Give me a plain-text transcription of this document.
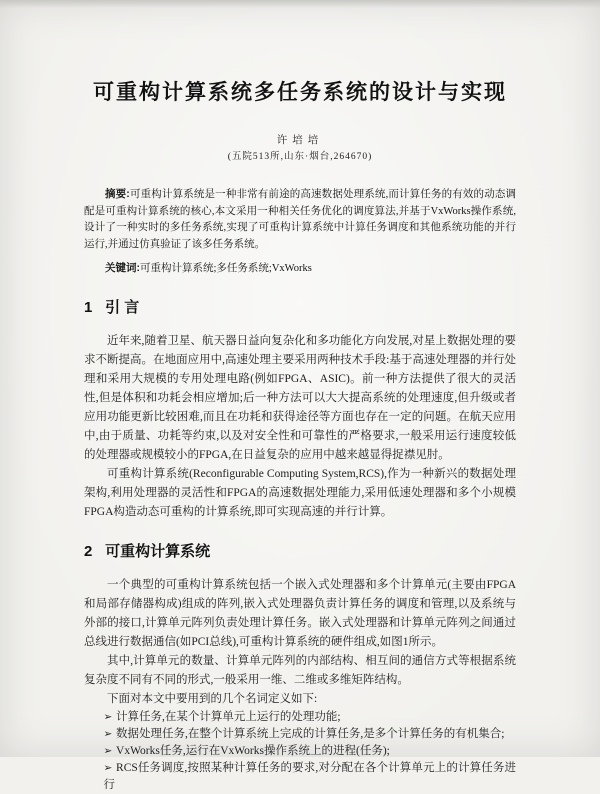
可重构计算系统多任务系统的设计与实现
许培培
(五院513所,山东·烟台,264670)

摘要:可重构计算系统是一种非常有前途的高速数据处理系统,而计算任务的有效的动态调配是可重构计算系统的核心,本文采用一种相关任务优化的调度算法,并基于VxWorks操作系统,设计了一种实时的多任务系统,实现了可重构计算系统中计算任务调度和其他系统功能的并行运行,并通过仿真验证了该多任务系统。

关键词:可重构计算系统;多任务系统;VxWorks

1 引 言

近年来,随着卫星、航天器日益向复杂化和多功能化方向发展,对星上数据处理的要求不断提高。在地面应用中,高速处理主要采用两种技术手段:基于高速处理器的并行处理和采用大规模的专用处理电路(例如FPGA、ASIC)。前一种方法提供了很大的灵活性,但是体积和功耗会相应增加;后一种方法可以大大提高系统的处理速度,但升级或者应用功能更新比较困难,而且在功耗和获得途径等方面也存在一定的问题。在航天应用中,由于质量、功耗等约束,以及对安全性和可靠性的严格要求,一般采用运行速度较低的处理器或规模较小的FPGA,在日益复杂的应用中越来越显得捉襟见肘。

可重构计算系统(Reconfigurable Computing System,RCS),作为一种新兴的数据处理架构,利用处理器的灵活性和FPGA的高速数据处理能力,采用低速处理器和多个小规模FPGA构造动态可重构的计算系统,即可实现高速的并行计算。

2 可重构计算系统

一个典型的可重构计算系统包括一个嵌入式处理器和多个计算单元(主要由FPGA和局部存储器构成)组成的阵列,嵌入式处理器负责计算任务的调度和管理,以及系统与外部的接口,计算单元阵列负责处理计算任务。嵌入式处理器和计算单元阵列之间通过总线进行数据通信(如PCI总线),可重构计算系统的硬件组成,如图1所示。

其中,计算单元的数量、计算单元阵列的内部结构、相互间的通信方式等根据系统复杂度不同有不同的形式,一般采用一维、二维或多维矩阵结构。

下面对本文中要用到的几个名词定义如下:

➢ 计算任务,在某个计算单元上运行的处理功能;
➢ 数据处理任务,在整个计算系统上完成的计算任务,是多个计算任务的有机集合;
➢ VxWorks任务,运行在VxWorks操作系统上的进程(任务);
➢ RCS任务调度,按照某种计算任务的要求,对分配在各个计算单元上的计算任务进行
